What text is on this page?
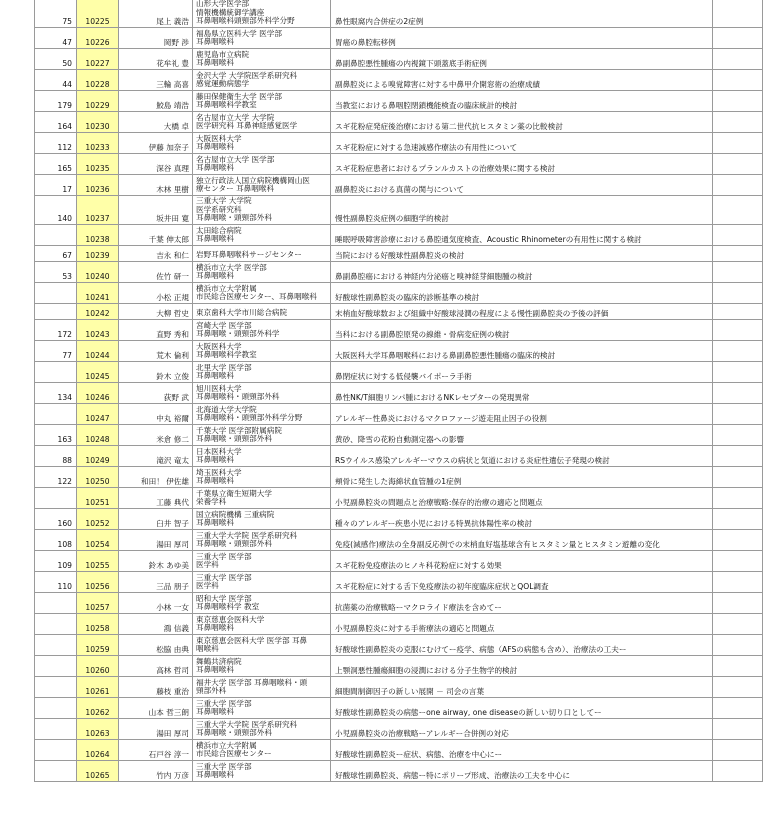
75	10225	尾上 義浩	山形大学医学部
情報機構統御学講座
耳鼻咽喉科頭頸部外科学分野	鼻性眼窩内合併症の2症例	
47	10226	岡野 渉	福島県立医科大学 医学部
耳鼻咽喉科	胃癌の鼻腔転移例	
50	10227	花牟礼 豊	鹿児島市立病院
耳鼻咽喉科	鼻副鼻腔悪性腫瘍の内視鏡下頭蓋底手術症例	
44	10228	三輪 高喜	金沢大学 大学院医学系研究科
感覚運動病態学	副鼻腔炎による嗅覚障害に対する中鼻甲介開窓術の治療成績	
179	10229	鮫島 靖浩	藤田保健衛生大学 医学部
耳鼻咽喉科学教室	当教室における鼻咽腔閉鎖機能検査の臨床統計的検討	
164	10230	大橋 卓	名古屋市立大学 大学院
医学研究科 耳鼻神経感覚医学	スギ花粉症発症後治療における第二世代抗ヒスタミン薬の比較検討	
112	10233	伊藤 加奈子	大阪医科大学
耳鼻咽喉科	スギ花粉症に対する急速減感作療法の有用性について	
165	10235	深谷 真理	名古屋市立大学 医学部
耳鼻咽喉科	スギ花粉症患者におけるプランルカストの治療効果に関する検討	
17	10236	木林 里樹	独立行政法人国立病院機構岡山医
療センター 耳鼻咽喉科	副鼻腔炎における真菌の関与について	
140	10237	坂井田 寛	三重大学 大学院
医学系研究科
耳鼻咽喉・頭頸部外科	慢性副鼻腔炎症例の細胞学的検討	
	10238	千葉 伸太郎	太田総合病院
耳鼻咽喉科	睡眠呼吸障害診療における鼻腔通気度検査、Acoustic Rhinometerの有用性に関する検討	
67	10239	吉永 和仁	岩野耳鼻咽喉科サージセンター	当院における好酸球性副鼻腔炎の検討	
53	10240	佐竹 研一	横浜市立大学 医学部
耳鼻咽喉科	鼻副鼻腔癌における神経内分泌癌と嗅神経芽細胞腫の検討	
	10241	小松 正規	横浜市立大学附属
市民総合医療センター、耳鼻咽喉科	好酸球性副鼻腔炎の臨床的診断基準の検討	
	10242	大柳 哲史	東京歯科大学市川総合病院	末梢血好酸球数および組織中好酸球浸潤の程度による慢性副鼻腔炎の予後の評価	
172	10243	直野 秀和	宮崎大学 医学部
耳鼻咽喉・頭頸部外科学	当科における副鼻腔原発の線維・骨病変症例の検討	
77	10244	荒木 倫利	大阪医科大学
耳鼻咽喉科学教室	大阪医科大学耳鼻咽喉科における鼻副鼻腔悪性腫瘍の臨床的検討	
	10245	鈴木 立俊	北里大学 医学部
耳鼻咽喉科	鼻閉症状に対する低侵襲バイポーラ手術	
134	10246	荻野 武	旭川医科大学
耳鼻咽喉科・頭頸部外科	鼻性NK/T細胞リンパ腫におけるNKレセプターの発現異常	
	10247	中丸 裕爾	北海道大学大学院
耳鼻咽喉科・頭頸部外科学分野	アレルギー性鼻炎におけるマクロファージ遊走阻止因子の役割	
163	10248	米倉 修二	千葉大学 医学部附属病院
耳鼻咽喉・頭頸部外科	黄砂、降雪の花粉自動測定器への影響	
88	10249	滝沢 竜太	日本医科大学
耳鼻咽喉科	RSウイルス感染アレルギーマウスの病状と気道における炎症性遺伝子発現の検討	
122	10250	和田！ 伊佐雄	埼玉医科大学
耳鼻咽喉科	頬骨に発生した海綿状血管腫の1症例	
	10251	工藤 典代	千葉県立衛生短期大学
栄養学科	小児副鼻腔炎の問題点と治療戦略:保存的治療の適応と問題点	
160	10252	臼井 智子	国立病院機構 三重病院
耳鼻咽喉科	種々のアレルギー疾患小児における特異抗体陽性率の検討	
108	10254	湯田 厚司	三重大学大学院 医学系研究科
耳鼻咽喉・頭頸部外科	免疫(減感作)療法の全身副反応例での末梢血好塩基球含有ヒスタミン量とヒスタミン遊離の変化	
109	10255	鈴木 あゆ美	三重大学 医学部
医学科	スギ花粉免疫療法のヒノキ科花粉症に対する効果	
110	10256	三品 朋子	三重大学 医学部
医学科	スギ花粉症に対する舌下免疫療法の初年度臨床症状とQOL調査	
	10257	小林 一女	昭和大学 医学部
耳鼻咽喉科学 教室	抗菌薬の治療戦略ーマクロライド療法を含めてー	
	10258	鴻 信義	東京慈恵会医科大学
耳鼻咽喉科	小児副鼻腔炎に対する手術療法の適応と問題点	
	10259	松脇 由典	東京慈恵会医科大学 医学部 耳鼻
咽喉科	好酸球性副鼻腔炎の克服にむけてー疫学、病態（AFSの病態も含め）、治療法の工夫ー	
	10260	高林 哲司	舞鶴共済病院
耳鼻咽喉科	上顎洞悪性腫瘍細胞の浸潤における分子生物学的検討	
	10261	藤枝 重治	福井大学 医学部 耳鼻咽喉科・頭
頸部外科	細胞間制御因子の新しい展開 － 司会の言葉	
	10262	山本 哲三朗	三重大学 医学部
耳鼻咽喉科	好酸球性副鼻腔炎の病態ーone airway, one diseaseの新しい切り口としてー	
	10263	湯田 厚司	三重大学大学院 医学系研究科
耳鼻咽喉・頭頸部外科	小児副鼻腔炎の治療戦略ーアレルギー合併例の対応	
	10264	石戸谷 淳一	横浜市立大学附属
市民総合医療センター	好酸球性副鼻腔炎ー症状、病態、治療を中心にー	
	10265	竹内 万彦	三重大学 医学部
耳鼻咽喉科	好酸球性副鼻腔炎、病態ー特にポリープ形成、治療法の工夫を中心に	
